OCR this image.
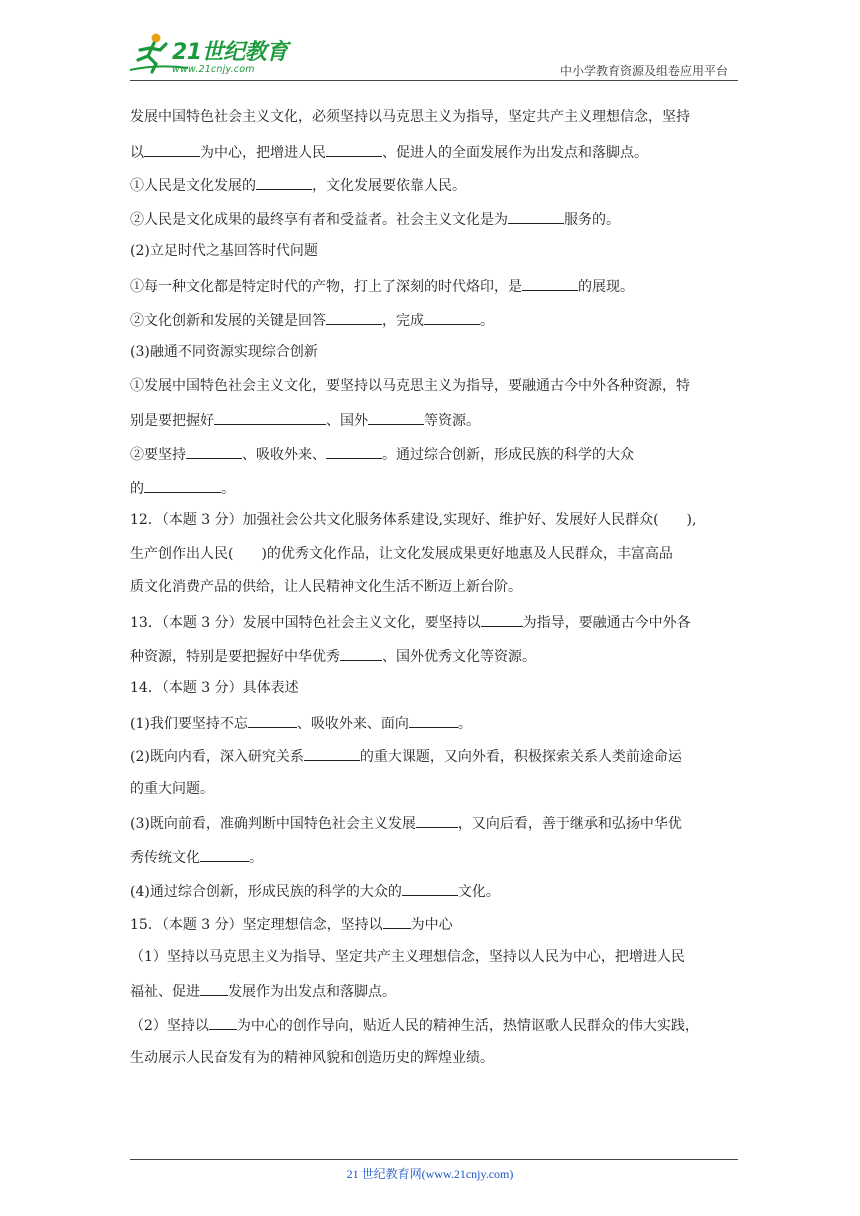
21世纪教育
www.21cnjy.com	中小学教育资源及组卷应用平台
发展中国特色社会主义文化，必须坚持以马克思主义为指导，坚定共产主义理想信念，坚持
以	为中心，把增进人民	、促进人的全面发展作为出发点和落脚点。
①人民是文化发展的	，文化发展要依靠人民。
②人民是文化成果的最终享有者和受益者。社会主义文化是为	服务的。
(2)立足时代之基回答时代问题
①每一种文化都是特定时代的产物，打上了深刻的时代烙印，是	的展现。
②文化创新和发展的关键是回答	，完成	。
(3)融通不同资源实现综合创新
①发展中国特色社会主义文化，要坚持以马克思主义为指导，要融通古今中外各种资源，特
别是要把握好	、国外	等资源。
②要坚持	、吸收外来、	。通过综合创新，形成民族的科学的大众
的	。
12．（本题 3 分）加强社会公共文化服务体系建设,实现好、维护好、发展好人民群众(　　),
生产创作出人民(　　)的优秀文化作品，让文化发展成果更好地惠及人民群众，丰富高品
质文化消费产品的供给，让人民精神文化生活不断迈上新台阶。
13．（本题 3 分）发展中国特色社会主义文化，要坚持以	为指导，要融通古今中外各
种资源，特别是要把握好中华优秀	、国外优秀文化等资源。
14．（本题 3 分）具体表述
(1)我们要坚持不忘	、吸收外来、面向	。
(2)既向内看，深入研究关系	的重大课题，又向外看，积极探索关系人类前途命运
的重大问题。
(3)既向前看，准确判断中国特色社会主义发展	，又向后看，善于继承和弘扬中华优
秀传统文化	。
(4)通过综合创新，形成民族的科学的大众的	文化。
15．（本题 3 分）坚定理想信念，坚持以 为中心
（1）坚持以马克思主义为指导、坚定共产主义理想信念，坚持以人民为中心，把增进人民
福祉、促进 发展作为出发点和落脚点。
（2）坚持以 为中心的创作导向，贴近人民的精神生活，热情讴歌人民群众的伟大实践，
生动展示人民奋发有为的精神风貌和创造历史的辉煌业绩。
21 世纪教育网(www.21cnjy.com)
